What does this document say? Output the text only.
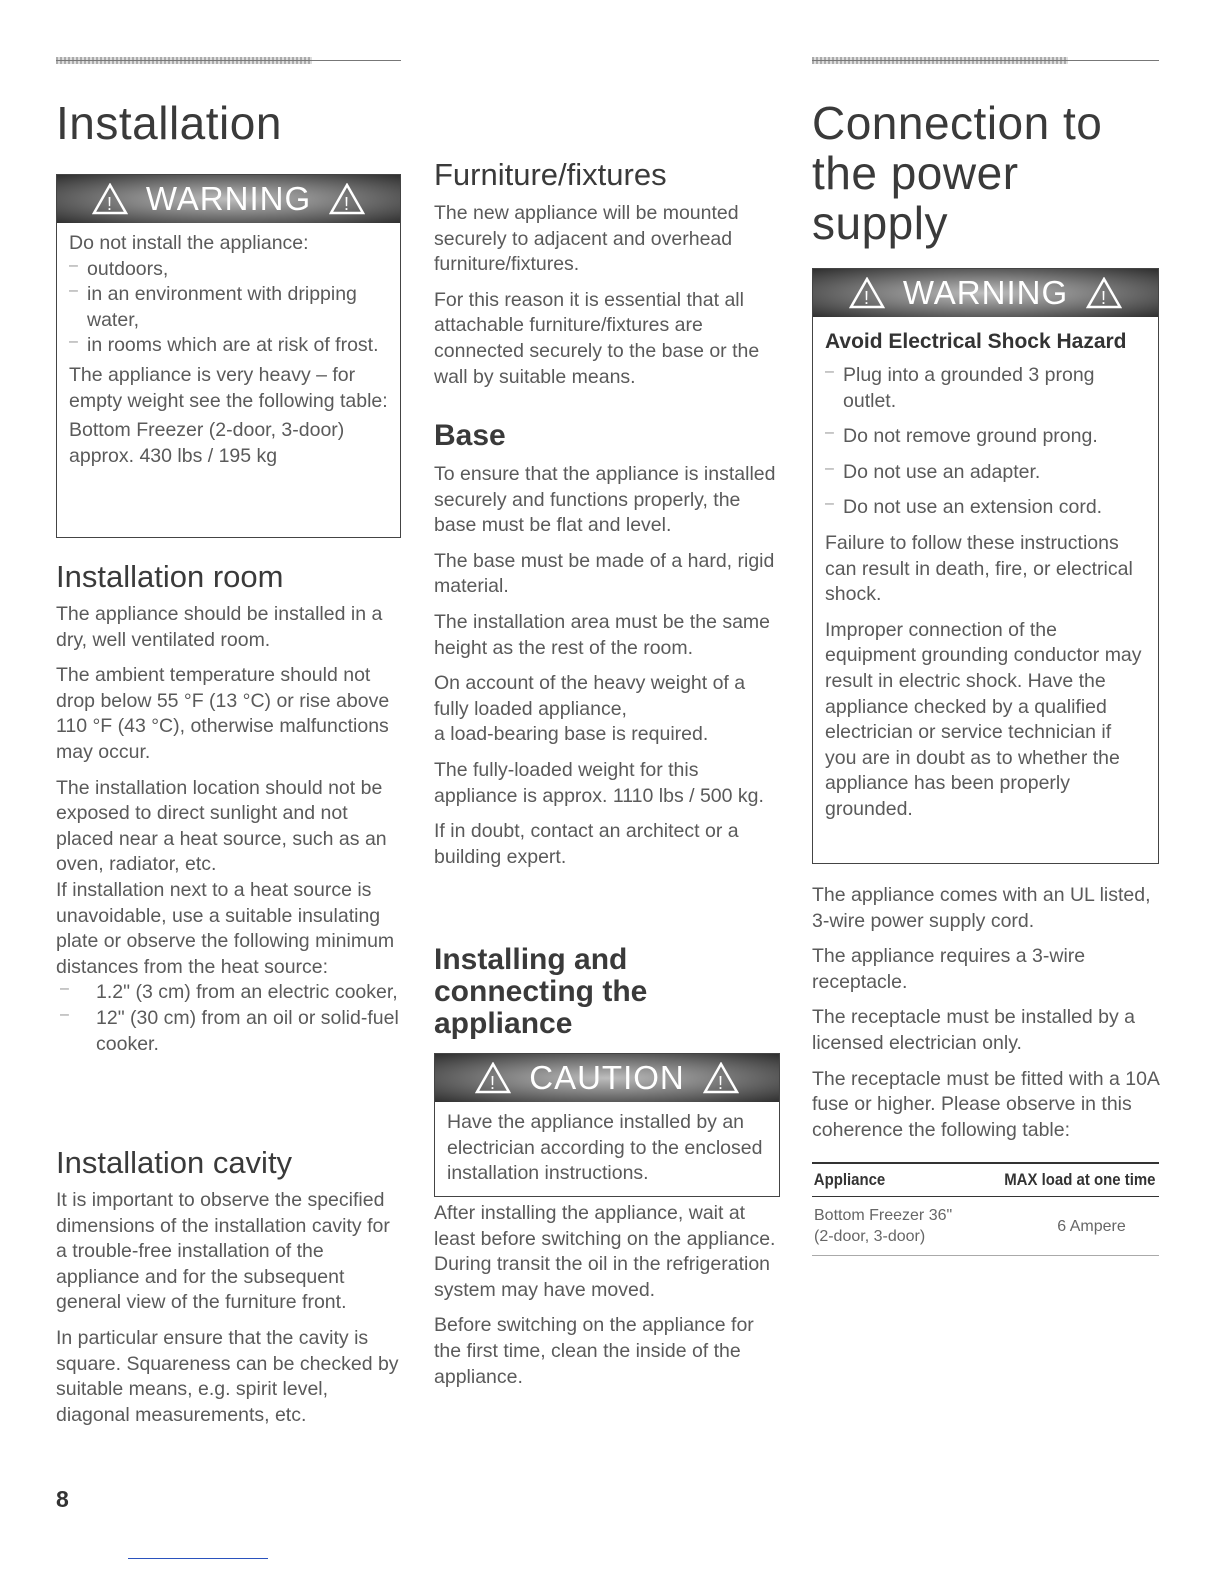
Installation
! WARNING !

Do not install the appliance:

– outdoors,

– in an environment with dripping water,

– in rooms which are at risk of frost.

The appliance is very heavy – for empty weight see the following table:

Bottom Freezer (2-door, 3-door) approx. 430 lbs / 195 kg

Installation room

The appliance should be installed in a dry, well ventilated room.

The ambient temperature should not drop below 55 °F (13 °C) or rise above 110 °F (43 °C), otherwise malfunctions may occur.

The installation location should not be exposed to direct sunlight and not placed near a heat source, such as an oven, radiator, etc.

If installation next to a heat source is unavoidable, use a suitable insulating plate or observe the following minimum distances from the heat source:

–	1.2" (3 cm) from an electric cooker,

–	12" (30 cm) from an oil or solid-fuel cooker.

Installation cavity

It is important to observe the specified dimensions of the installation cavity for a trouble-free installation of the appliance and for the subsequent general view of the furniture front.

In particular ensure that the cavity is square. Squareness can be checked by suitable means, e.g. spirit level, diagonal measurements, etc.

Furniture/fixtures

The new appliance will be mounted securely to adjacent and overhead furniture/fixtures.

For this reason it is essential that all attachable furniture/fixtures are connected securely to the base or the wall by suitable means.

Base

To ensure that the appliance is installed securely and functions properly, the base must be flat and level.

The base must be made of a hard, rigid material.

The installation area must be the same height as the rest of the room.

On account of the heavy weight of a fully loaded appliance,

a load-bearing base is required.

The fully-loaded weight for this appliance is approx. 1110 lbs / 500 kg.

If in doubt, contact an architect or a building expert.

Installing and connecting the appliance
! CAUTION !

Have the appliance installed by an electrician according to the enclosed installation instructions.

After installing the appliance, wait at least before switching on the appliance. During transit the oil in the refrigeration system may have moved.

Before switching on the appliance for the first time, clean the inside of the appliance.

Connection to the power supply
! WARNING !
Avoid Electrical Shock Hazard
– Plug into a grounded 3 prong outlet.

– Do not remove ground prong.

– Do not use an adapter.

– Do not use an extension cord.

Failure to follow these instructions can result in death, fire, or electrical shock.

Improper connection of the equipment grounding conductor may result in electric shock. Have the appliance checked by a qualified electrician or service technician if you are in doubt as to whether the appliance has been properly grounded.

The appliance comes with an UL listed, 3-wire power supply cord.

The appliance requires a 3-wire receptacle.

The receptacle must be installed by a licensed electrician only.

The receptacle must be fitted with a 10A fuse or higher. Please observe in this coherence the following table:

Appliance	MAX load at one time
Bottom Freezer 36" (2-door, 3-door)	6 Ampere
8
